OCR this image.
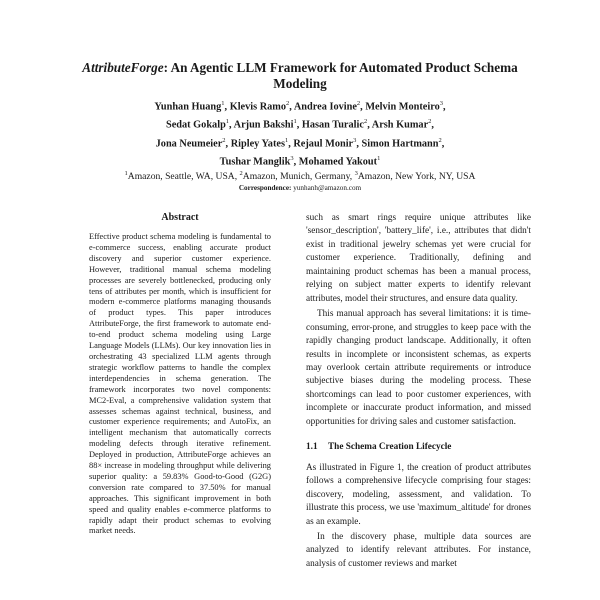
AttributeForge: An Agentic LLM Framework for Automated Product Schema Modeling
Yunhan Huang$^1$, Klevis Ramo$^2$, Andrea Iovine$^2$, Melvin Monteiro$^3$,
Sedat Gokalp$^1$, Arjun Bakshi$^1$, Hasan Turalic$^2$, Arsh Kumar$^2$,
Jona Neumeier$^2$, Ripley Yates$^1$, Rejaul Monir$^3$, Simon Hartmann$^2$,
Tushar Manglik$^3$, Mohamed Yakout$^1$
$^1$Amazon, Seattle, WA, USA, $^2$Amazon, Munich, Germany, $^3$Amazon, New York, NY, USA
Correspondence: yunhanh@amazon.com
Abstract

Effective product schema modeling is fundamental to e-commerce success, enabling accurate product discovery and superior customer experience. However, traditional manual schema modeling processes are severely bottlenecked, producing only tens of attributes per month, which is insufficient for modern e-commerce platforms managing thousands of product types. This paper introduces AttributeForge, the first framework to automate end-to-end product schema modeling using Large Language Models (LLMs). Our key innovation lies in orchestrating 43 specialized LLM agents through strategic workflow patterns to handle the complex interdependencies in schema generation. The framework incorporates two novel components: MC2-Eval, a comprehensive validation system that assesses schemas against technical, business, and customer experience requirements; and AutoFix, an intelligent mechanism that automatically corrects modeling defects through iterative refinement. Deployed in production, AttributeForge achieves an 88× increase in modeling throughput while delivering superior quality: a 59.83% Good-to-Good (G2G) conversion rate compared to 37.50% for manual approaches. This significant improvement in both speed and quality enables e-commerce platforms to rapidly adapt their product schemas to evolving market needs.

such as smart rings require unique attributes like 'sensor_description', 'battery_life', i.e., attributes that didn't exist in traditional jewelry schemas yet were crucial for customer experience. Traditionally, defining and maintaining product schemas has been a manual process, relying on subject matter experts to identify relevant attributes, model their structures, and ensure data quality.

This manual approach has several limitations: it is time-consuming, error-prone, and struggles to keep pace with the rapidly changing product landscape. Additionally, it often results in incomplete or inconsistent schemas, as experts may overlook certain attribute requirements or introduce subjective biases during the modeling process. These shortcomings can lead to poor customer experiences, with incomplete or inaccurate product information, and missed opportunities for driving sales and customer satisfaction.

1.1 The Schema Creation Lifecycle

As illustrated in Figure 1, the creation of product attributes follows a comprehensive lifecycle comprising four stages: discovery, modeling, assessment, and validation. To illustrate this process, we use 'maximum_altitude' for drones as an example.

In the discovery phase, multiple data sources are analyzed to identify relevant attributes. For instance, analysis of customer reviews and market
